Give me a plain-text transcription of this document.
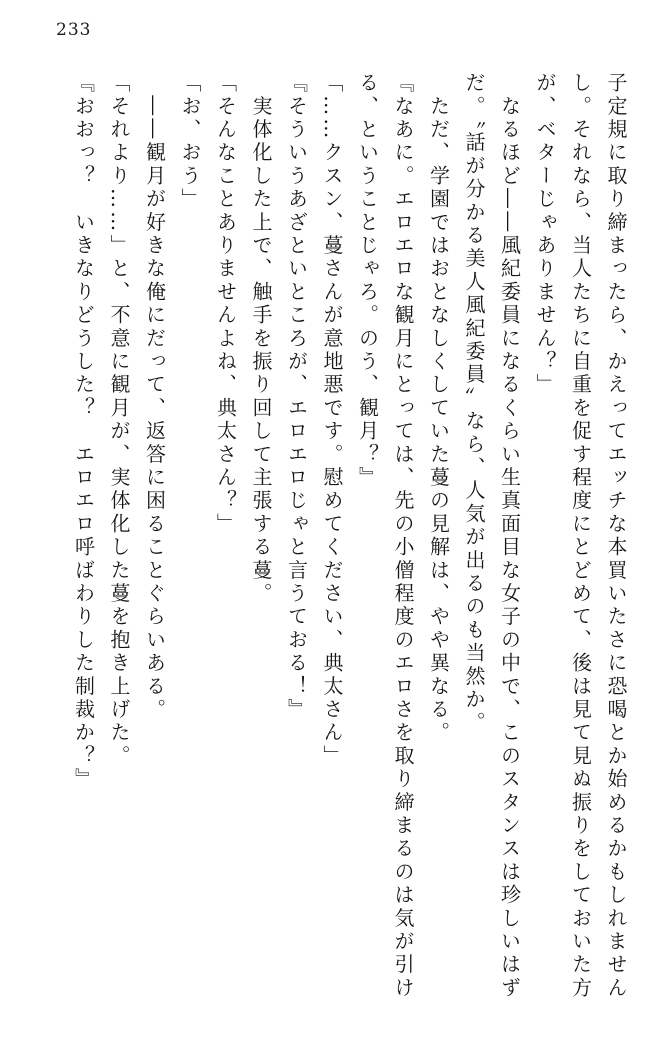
233

子定規に取り締まったら、かえってエッチな本買いたさに恐喝とか始めるかもしれません

し。それなら、当人たちに自重を促す程度にとどめて、後は見て見ぬ振りをしておいた方

が、ベターじゃありません？」

　なるほど――風紀委員になるくらい生真面目な女子の中で、このスタンスは珍しいはず

だ。〝話が分かる美人風紀委員〟なら、人気が出るのも当然か。

　ただ、学園ではおとなしくしていた蔓の見解は、やや異なる。

『なあに。エロエロな観月にとっては、先の小僧程度のエロさを取り締まるのは気が引け

る、ということじゃろ。のう、観月？』

「……クスン、蔓さんが意地悪です。慰めてください、典太さん」

『そういうあざといところが、エロエロじゃと言うておる！』

　実体化した上で、触手を振り回して主張する蔓。

「そんなことありませんよね、典太さん？」

「お、おう」

　――観月が好きな俺にだって、返答に困ることぐらいある。

「それより……」と、不意に観月が、実体化した蔓を抱き上げた。

『おおっ？　いきなりどうした？　エロエロ呼ばわりした制裁か？』
